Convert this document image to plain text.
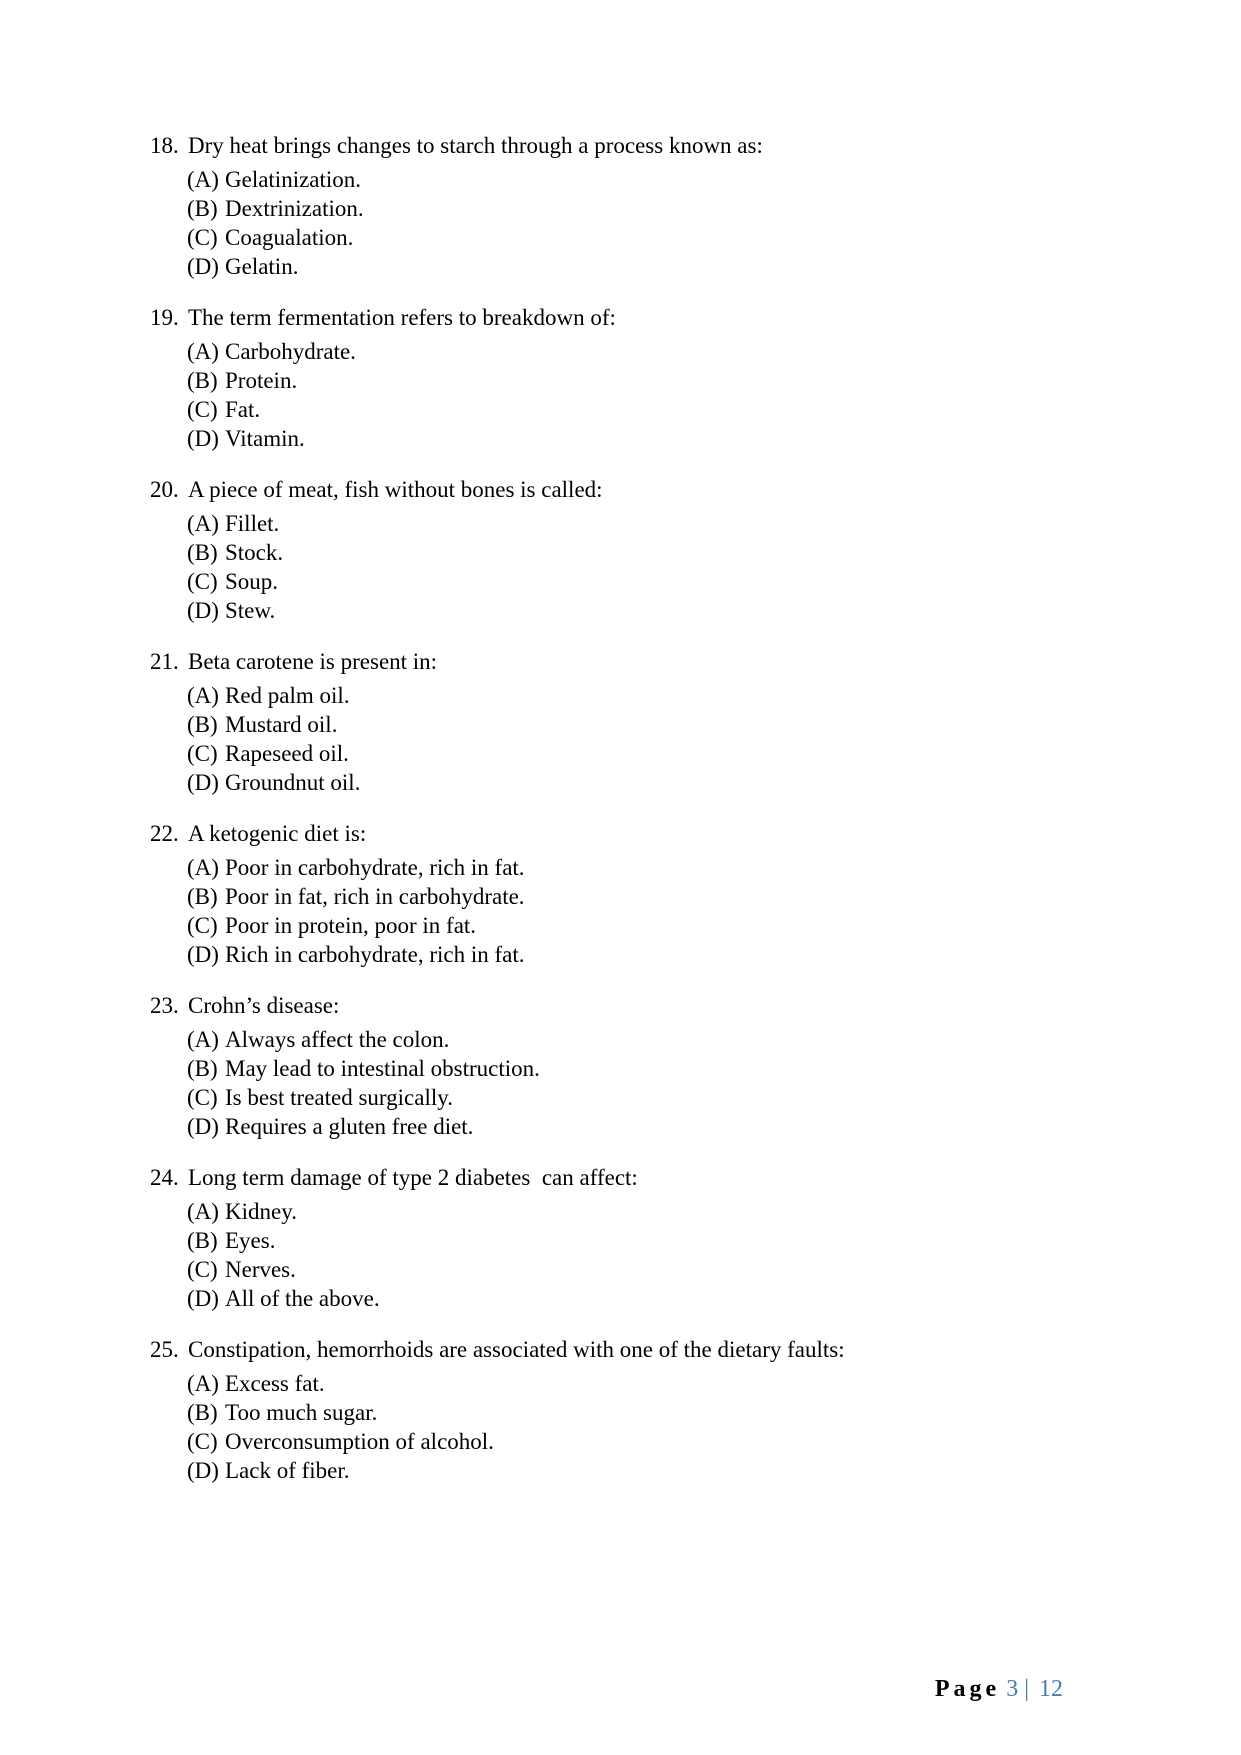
18. Dry heat brings changes to starch through a process known as:
(A) Gelatinization.
(B) Dextrinization.
(C) Coagualation.
(D) Gelatin.
19. The term fermentation refers to breakdown of:
(A) Carbohydrate.
(B) Protein.
(C) Fat.
(D) Vitamin.
20. A piece of meat, fish without bones is called:
(A) Fillet.
(B) Stock.
(C) Soup.
(D) Stew.
21. Beta carotene is present in:
(A) Red palm oil.
(B) Mustard oil.
(C) Rapeseed oil.
(D) Groundnut oil.
22. A ketogenic diet is:
(A) Poor in carbohydrate, rich in fat.
(B) Poor in fat, rich in carbohydrate.
(C) Poor in protein, poor in fat.
(D) Rich in carbohydrate, rich in fat.
23. Crohn’s disease:
(A) Always affect the colon.
(B) May lead to intestinal obstruction.
(C) Is best treated surgically.
(D) Requires a gluten free diet.
24. Long term damage of type 2 diabetes  can affect:
(A) Kidney.
(B) Eyes.
(C) Nerves.
(D) All of the above.
25. Constipation, hemorrhoids are associated with one of the dietary faults:
(A) Excess fat.
(B) Too much sugar.
(C) Overconsumption of alcohol.
(D) Lack of fiber.
Page 3 | 12
